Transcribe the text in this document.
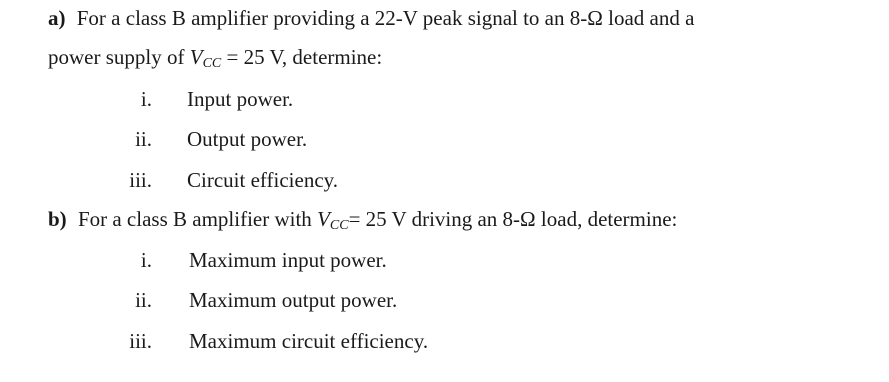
a) For a class B amplifier providing a 22-V peak signal to an 8-Ω load and a
power supply of $V_{CC} = 25$ V, determine:
i. Input power.
ii. Output power.
iii. Circuit efficiency.
b) For a class B amplifier with $V_{CC}= 25$ V driving an 8-Ω load, determine:
i. Maximum input power.
ii. Maximum output power.
iii. Maximum circuit efficiency.
